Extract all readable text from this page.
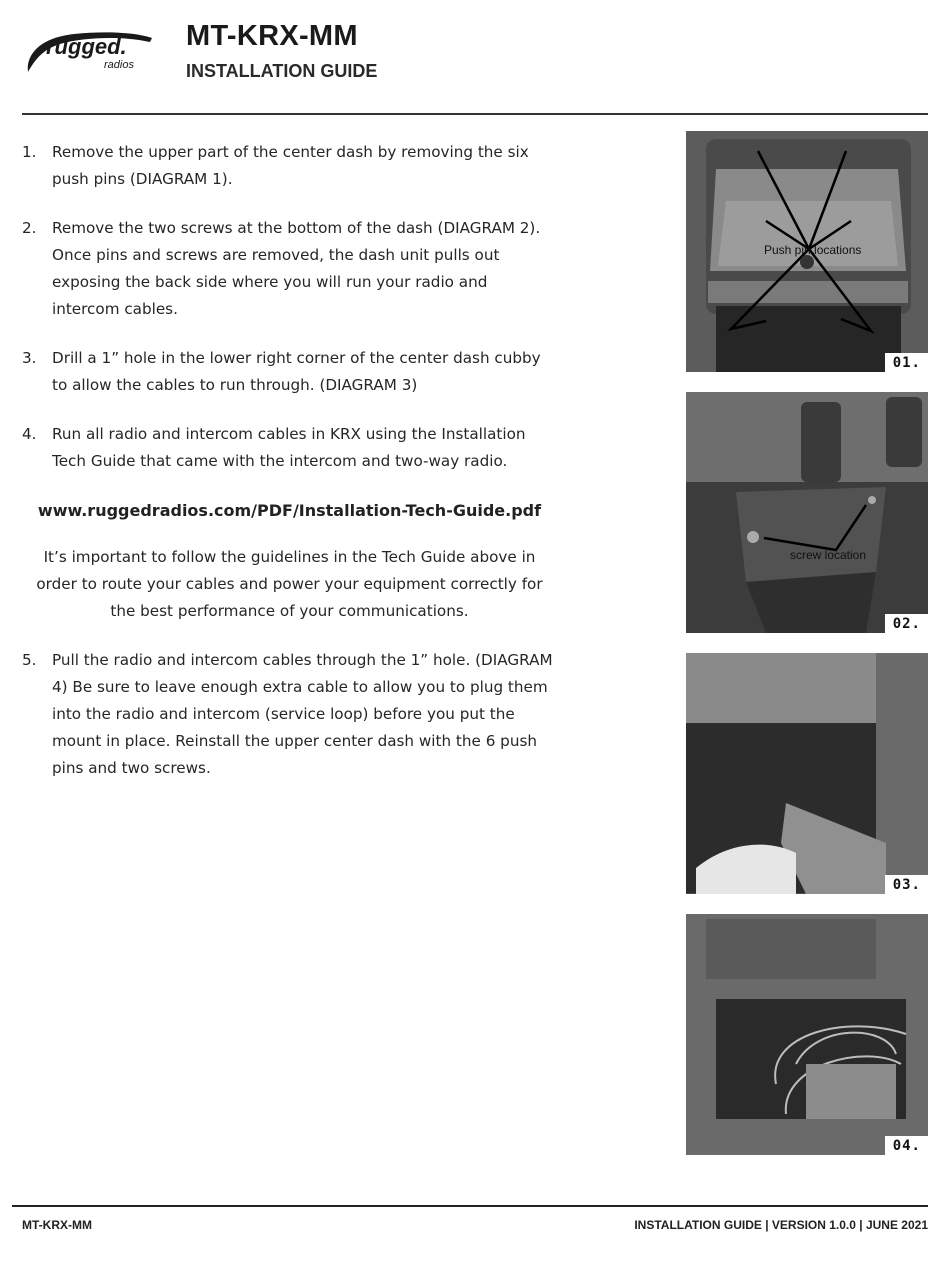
rugged.
radios
MT-KRX-MM
INSTALLATION GUIDE
1.	Remove the upper part of the center dash by removing the six push pins (DIAGRAM 1).
2.	Remove the two screws at the bottom of the dash (DIAGRAM 2). Once pins and screws are removed, the dash unit pulls out exposing the back side where you will run your radio and intercom cables.
3.	Drill a 1” hole in the lower right corner of the center dash cubby to allow the cables to run through. (DIAGRAM 3)
4.	Run all radio and intercom cables in KRX using the Installation Tech Guide that came with the intercom and two-way radio.
www.ruggedradios.com/PDF/Installation-Tech-Guide.pdf
It’s important to follow the guidelines in the Tech Guide above in order to route your cables and power your equipment correctly for the best performance of your communications.
5.	Pull the radio and intercom cables through the 1” hole. (DIAGRAM 4) Be sure to leave enough extra cable to allow you to plug them into the radio and intercom (service loop) before you put the mount in place. Reinstall the upper center dash with the 6 push pins and two screws.
Push pin locations
01.
screw location
02.
03.
04.
MT-KRX-MM	INSTALLATION GUIDE | VERSION 1.0.0 | JUNE 2021
